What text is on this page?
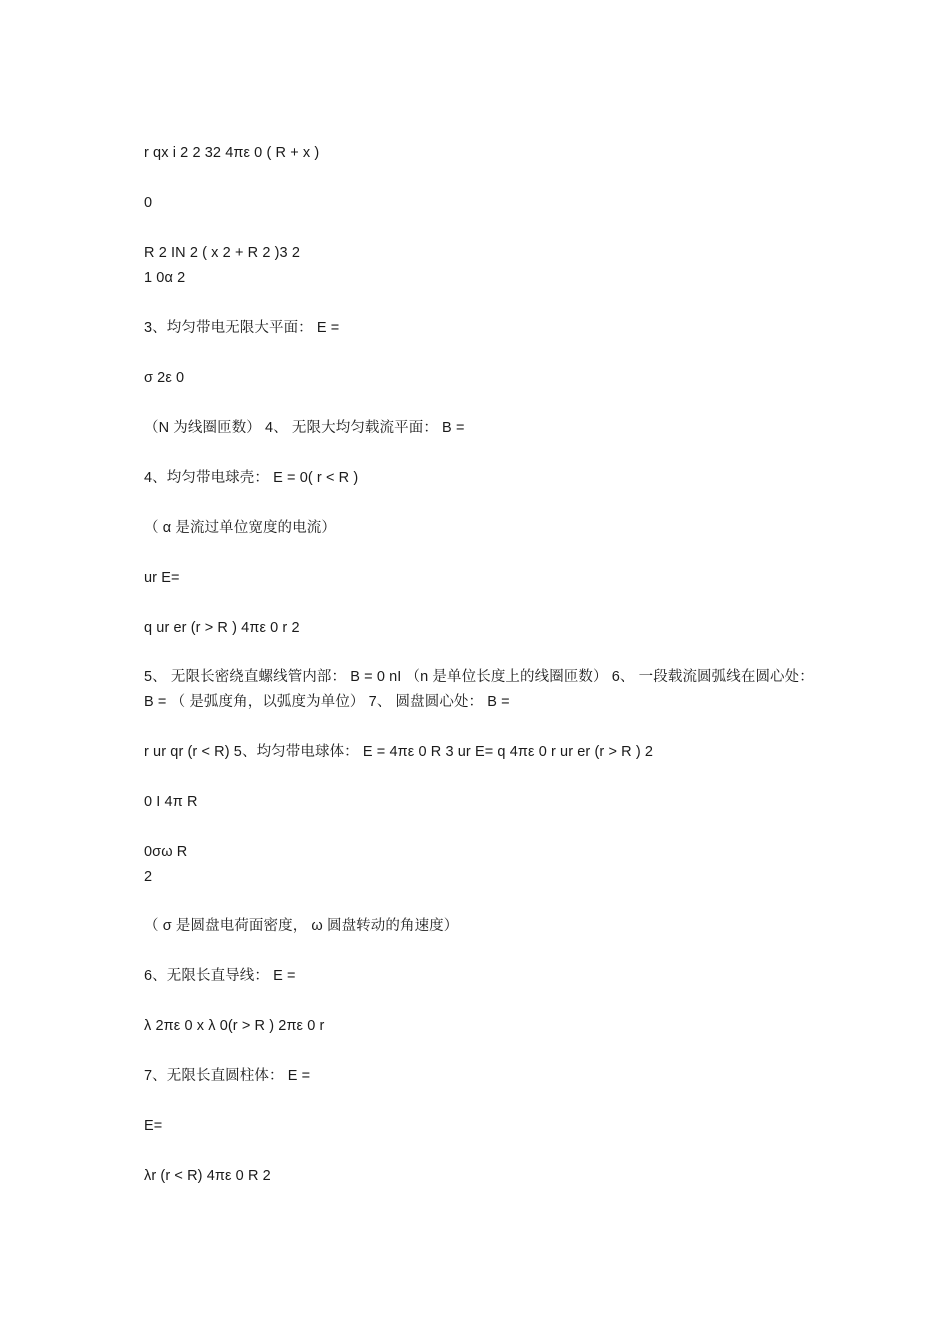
r qx i 2 2 32 4πε 0 ( R + x )
0
R 2 IN 2 ( x 2 + R 2 )3 2
1 0α 2
3、均匀带电无限大平面： E =
σ 2ε 0
（N 为线圈匝数） 4、 无限大均匀载流平面： B =
4、均匀带电球壳： E = 0( r < R )
（ α 是流过单位宽度的电流）
ur E=
q ur er (r > R ) 4πε 0 r 2
5、 无限长密绕直螺线管内部： B = 0 nI （n 是单位长度上的线圈匝数） 6、 一段载流圆弧线在圆心处： B = （ 是弧度角，以弧度为单位） 7、 圆盘圆心处： B =
r ur qr (r < R) 5、均匀带电球体： E = 4πε 0 R 3 ur E= q 4πε 0 r ur er (r > R ) 2
0 I 4π R
0σω R
2
（ σ 是圆盘电荷面密度， ω 圆盘转动的角速度）
6、无限长直导线： E =
λ 2πε 0 x λ 0(r > R ) 2πε 0 r
7、无限长直圆柱体： E =
E=
λr (r < R) 4πε 0 R 2
